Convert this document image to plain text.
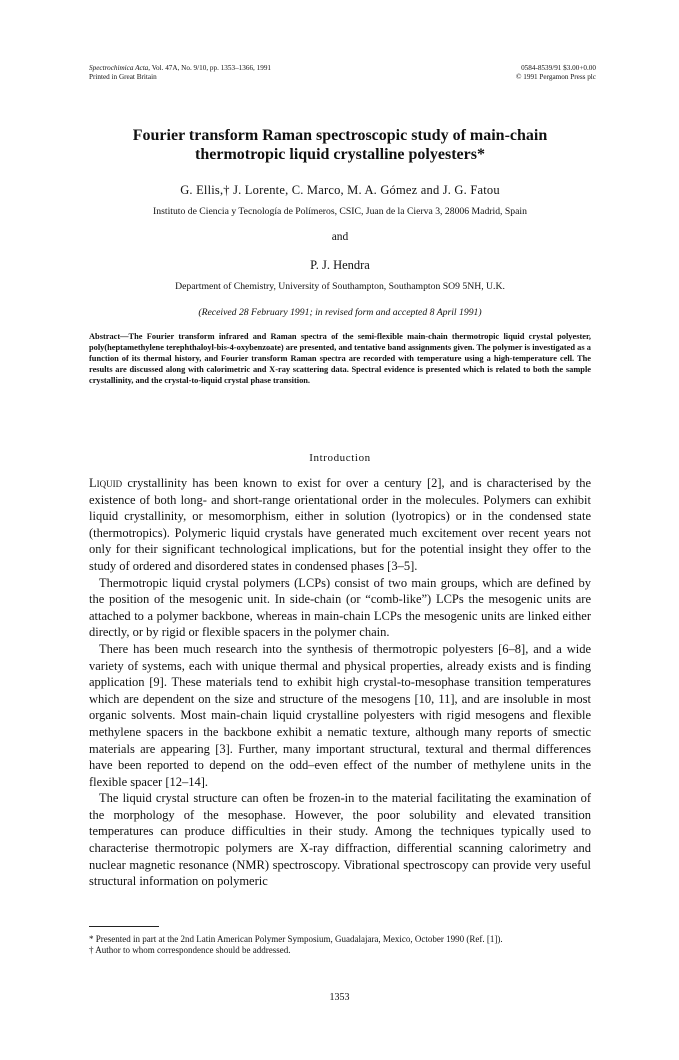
Spectrochimica Acta, Vol. 47A, No. 9/10, pp. 1353–1366, 1991
Printed in Great Britain
0584-8539/91 $3.00+0.00
© 1991 Pergamon Press plc
Fourier transform Raman spectroscopic study of main-chain
thermotropic liquid crystalline polyesters*
G. Ellis,† J. Lorente, C. Marco, M. A. Gómez and J. G. Fatou
Instituto de Ciencia y Tecnología de Polímeros, CSIC, Juan de la Cierva 3, 28006 Madrid, Spain
and
P. J. Hendra
Department of Chemistry, University of Southampton, Southampton SO9 5NH, U.K.
(Received 28 February 1991; in revised form and accepted 8 April 1991)
Abstract—The Fourier transform infrared and Raman spectra of the semi-flexible main-chain thermotropic liquid crystal polyester, poly(heptamethylene terephthaloyl-bis-4-oxybenzoate) are presented, and tentative band assignments given. The polymer is investigated as a function of its thermal history, and Fourier transform Raman spectra are recorded with temperature using a high-temperature cell. The results are discussed along with calorimetric and X-ray scattering data. Spectral evidence is presented which is related to both the sample crystallinity, and the crystal-to-liquid crystal phase transition.
Introduction

Liquid crystallinity has been known to exist for over a century [2], and is characterised by the existence of both long- and short-range orientational order in the molecules. Polymers can exhibit liquid crystallinity, or mesomorphism, either in solution (lyotropics) or in the condensed state (thermotropics). Polymeric liquid crystals have generated much excitement over recent years not only for their significant technological implications, but for the potential insight they offer to the study of ordered and disordered states in condensed phases [3–5].

Thermotropic liquid crystal polymers (LCPs) consist of two main groups, which are defined by the position of the mesogenic unit. In side-chain (or “comb-like”) LCPs the mesogenic units are attached to a polymer backbone, whereas in main-chain LCPs the mesogenic units are linked either directly, or by rigid or flexible spacers in the polymer chain.

There has been much research into the synthesis of thermotropic polyesters [6–8], and a wide variety of systems, each with unique thermal and physical properties, already exists and is finding application [9]. These materials tend to exhibit high crystal-to-mesophase transition temperatures which are dependent on the size and structure of the mesogens [10, 11], and are insoluble in most organic solvents. Most main-chain liquid crystalline polyesters with rigid mesogens and flexible methylene spacers in the backbone exhibit a nematic texture, although many reports of smectic materials are appearing [3]. Further, many important structural, textural and thermal differences have been reported to depend on the odd–even effect of the number of methylene units in the flexible spacer [12–14].

The liquid crystal structure can often be frozen-in to the material facilitating the examination of the morphology of the mesophase. However, the poor solubility and elevated transition temperatures can produce difficulties in their study. Among the techniques typically used to characterise thermotropic polymers are X-ray diffraction, differential scanning calorimetry and nuclear magnetic resonance (NMR) spectroscopy. Vibrational spectroscopy can provide very useful structural information on polymeric

* Presented in part at the 2nd Latin American Polymer Symposium, Guadalajara, Mexico, October 1990 (Ref. [1]).
† Author to whom correspondence should be addressed.
1353
